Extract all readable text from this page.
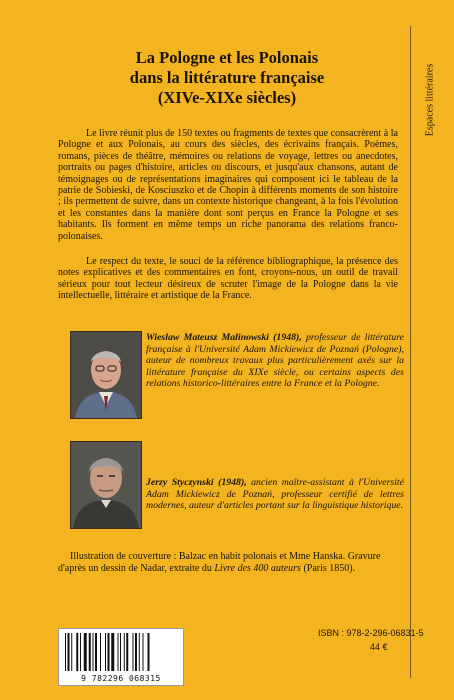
Espaces littéraires
La Pologne et les Polonais
dans la littérature française
(XIVe-XIXe siècles)

Le livre réunit plus de 150 textes ou fragments de textes que consacrèrent à la Pologne et aux Polonais, au cours des siècles, des écrivains français. Poèmes, romans, pièces de théâtre, mémoires ou relations de voyage, lettres ou anecdotes, portraits ou pages d'histoire, articles ou discours, et jusqu'aux chansons, autant de témoignages ou de représentations imaginaires qui composent ici le tableau de la patrie de Sobieski, de Kosciuszko et de Chopin à différents moments de son histoire ; ils permettent de suivre, dans un contexte historique changeant, à la fois l'évolution et les constantes dans la manière dont sont perçus en France la Pologne et ses habitants. Ils forment en même temps un riche panorama des relations franco-polonaises.

Le respect du texte, le souci de la référence bibliographique, la présence des notes explicatives et des commentaires en font, croyons-nous, un outil de travail sérieux pour tout lecteur désireux de scruter l'image de la Pologne dans la vie intellectuelle, littéraire et artistique de la France.

Wieslaw Mateusz Malinowski (1948), professeur de littérature française à l'Université Adam Mickiewicz de Poznań (Pologne), auteur de nombreux travaux plus particulièrement axés sur la littérature française du XIXe siècle, ou certains aspects des relations historico-littéraires entre la France et la Pologne.

Jerzy Styczynski (1948), ancien maître-assistant à l'Université Adam Mickiewicz de Poznań, professeur certifié de lettres modernes, auteur d'articles portant sur la linguistique historique.

Illustration de couverture : Balzac en habit polonais et Mme Hanska. Gravure d'après un dessin de Nadar, extraite du Livre des 400 auteurs (Paris 1850).

9 782296 068315
ISBN : 978-2-296-06831-5
44 €
